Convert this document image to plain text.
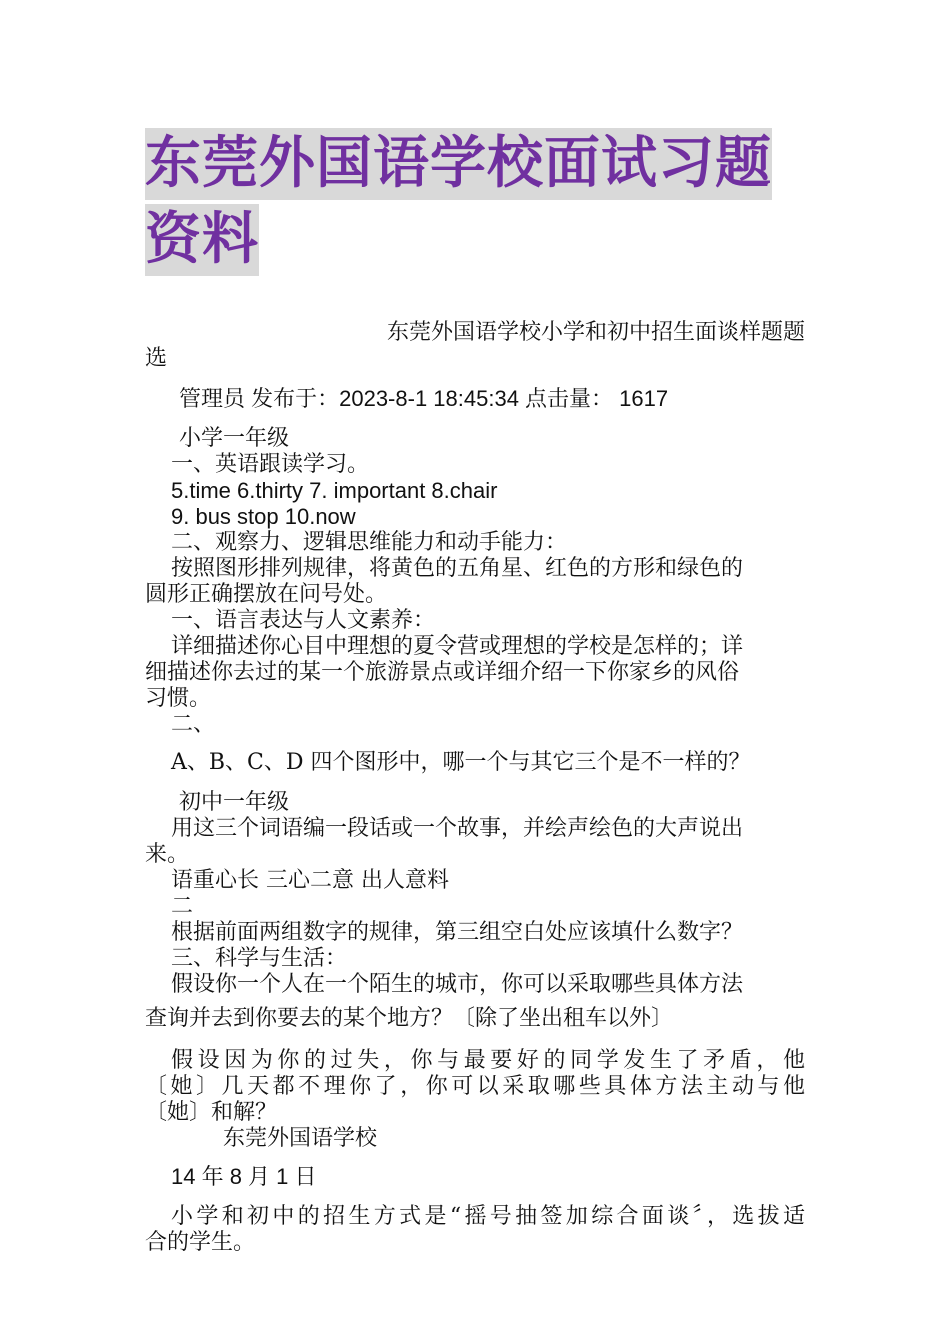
东莞外国语学校面试习题
资料

东莞外国语学校小学和初中招生面谈样题题

选

管理员 发布于：2023-8-1 18:45:34 点击量： 1617

小学一年级

一、英语跟读学习。

5.time 6.thirty 7. important 8.chair

9. bus stop 10.now

二、观察力、逻辑思维能力和动手能力：

按照图形排列规律，将黄色的五角星、红色的方形和绿色的

圆形正确摆放在问号处。

一、语言表达与人文素养：

详细描述你心目中理想的夏令营或理想的学校是怎样的；详

细描述你去过的某一个旅游景点或详细介绍一下你家乡的风俗

习惯。

二、

A、B、C、D 四个图形中，哪一个与其它三个是不一样的？

初中一年级

用这三个词语编一段话或一个故事，并绘声绘色的大声说出

来。

语重心长 三心二意 出人意料

二

根据前面两组数字的规律，第三组空白处应该填什么数字？

三、科学与生活：

假设你一个人在一个陌生的城市，你可以采取哪些具体方法

查询并去到你要去的某个地方？〔除了坐出租车以外〕

假设因为你的过失，你与最要好的同学发生了矛盾，他

〔她〕几天都不理你了，你可以采取哪些具体方法主动与他

〔她〕和解？

东莞外国语学校

14 年 8 月 1 日

小学和初中的招生方式是“摇号抽签加综合面谈〞，选拔适

合的学生。
